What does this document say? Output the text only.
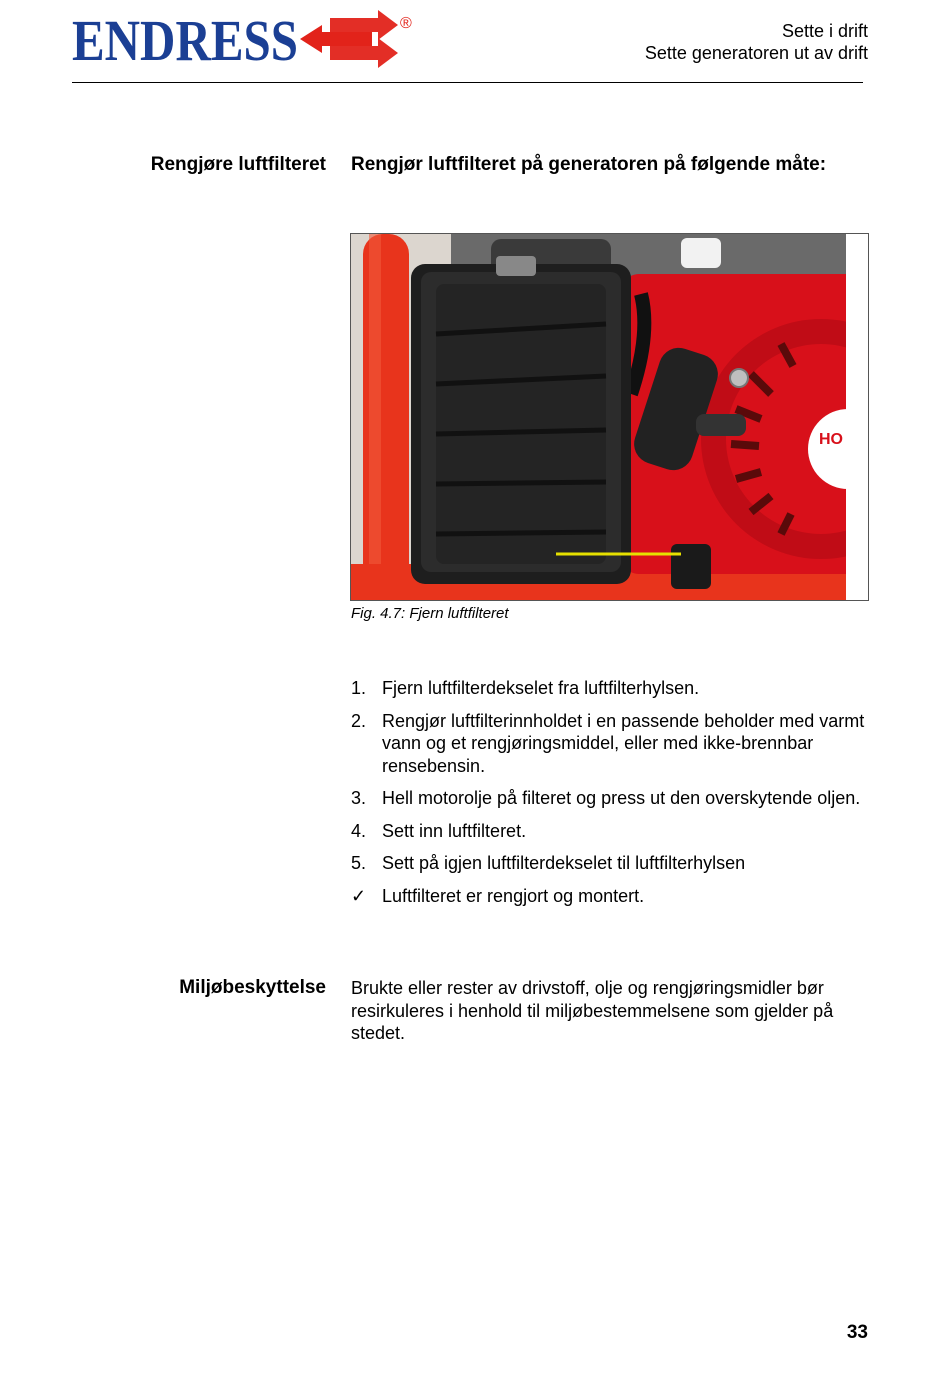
ENDRESS	®	Sette i drift
Sette generatoren ut av drift
Rengjøre luftfilteret Rengjør luftfilteret på generatoren på følgende måte:
HO
Fig. 4.7: Fjern luftfilteret
1. Fjern luftfilterdekselet fra luftfilterhylsen.
2. Rengjør luftfilterinnholdet i en passende beholder med varmt vann og et rengjøringsmiddel, eller med ikke-brennbar rensebensin.
3. Hell motorolje på filteret og press ut den overskytende oljen.
4. Sett inn luftfilteret.
5. Sett på igjen luftfilterdekselet til luftfilterhylsen
✓ Luftfilteret er rengjort og montert.
Miljøbeskyttelse Brukte eller rester av drivstoff, olje og rengjøringsmidler bør resirkuleres i henhold til miljøbestemmelsene som gjelder på stedet.
33
